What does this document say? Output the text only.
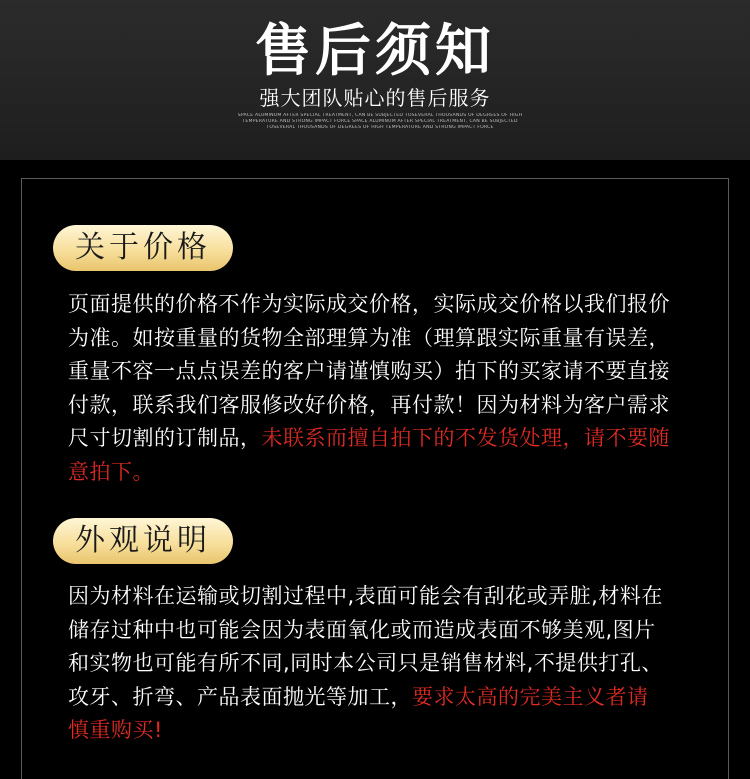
售后须知
强大团队贴心的售后服务
SPACE ALUMINUM AFTER SPECIAL TREATMENT, CAN BE SUBJECTED TOSEVERAL THOUSANDS OF DEGREES OF HIGH
TEMPERATURE AND STRONG IMPACT FORCE SPACE ALUMINUM AFTER SPECIAL TREATMENT, CAN BE SUBJECTED
TOSEVERAL THOUSANDS OF DEGREES OF HIGH TEMPERATURE AND STRONG IMPACT FORCE
关于价格
页面提供的价格不作为实际成交价格，实际成交价格以我们报价
为准。如按重量的货物全部理算为准（理算跟实际重量有误差，
重量不容一点点误差的客户请谨慎购买）拍下的买家请不要直接
付款，联系我们客服修改好价格，再付款！因为材料为客户需求
尺寸切割的订制品，未联系而擅自拍下的不发货处理，请不要随
意拍下。
外观说明
因为材料在运输或切割过程中,表面可能会有刮花或弄脏,材料在
储存过种中也可能会因为表面氧化或而造成表面不够美观,图片
和实物也可能有所不同,同时本公司只是销售材料,不提供打孔、
攻牙、折弯、产品表面抛光等加工，要求太高的完美主义者请
慎重购买!
